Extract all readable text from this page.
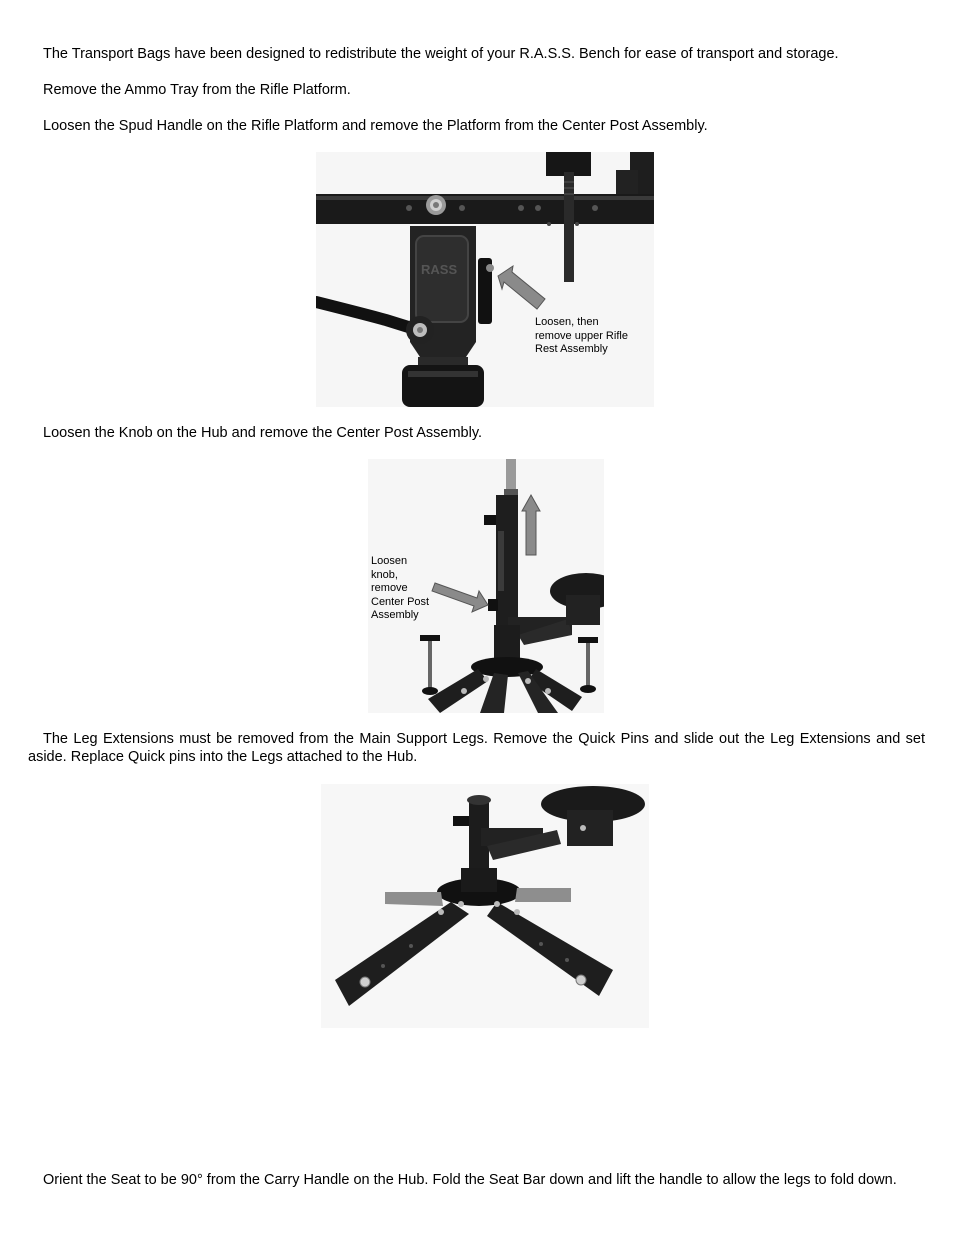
The Transport Bags have been designed to redistribute the weight of your R.A.S.S. Bench for ease of transport and storage.

Remove the Ammo Tray from the Rifle Platform.

Loosen the Spud Handle on the Rifle Platform and remove the Platform from the Center Post Assembly.

RASS
Loosen, then
remove upper Rifle
Rest Assembly

Loosen the Knob on the Hub and remove the Center Post Assembly.

Loosen
knob,
remove
Center Post
Assembly

The Leg Extensions must be removed from the Main Support Legs. Remove the Quick Pins and slide out the Leg Extensions and set aside. Replace Quick pins into the Legs attached to the Hub.

Orient the Seat to be 90° from the Carry Handle on the Hub. Fold the Seat Bar down and lift the handle to allow the legs to fold down.
